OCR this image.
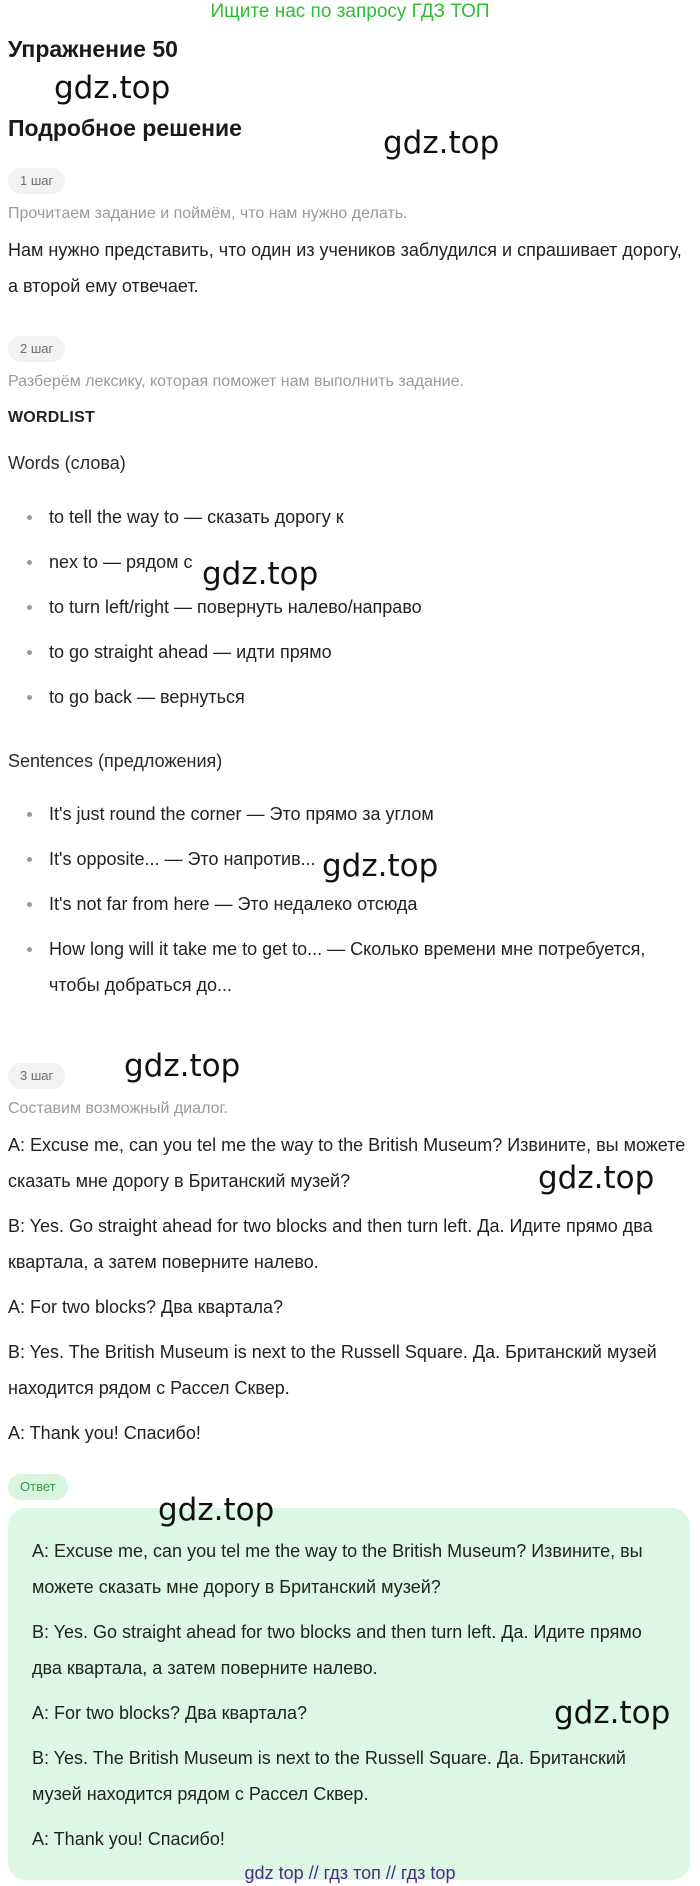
Ищите нас по запросу ГДЗ ТОП
Упражнение 50
gdz.top
Подробное решение	gdz.top
1 шаг
Прочитаем задание и поймём, что нам нужно делать.
Нам нужно представить, что один из учеников заблудился и спрашивает дорогу, а второй ему отвечает.
2 шаг
Разберём лексику, которая поможет нам выполнить задание.
WORDLIST
Words (слова)
to tell the way to — сказать дорогу к
nex to — рядом с
to turn left/right — повернуть налево/направо
to go straight ahead — идти прямо
to go back — вернуться
gdz.top
Sentences (предложения)
It's just round the corner — Это прямо за углом
It's opposite... — Это напротив...
It's not far from here — Это недалеко отсюда
How long will it take me to get to... — Сколько времени мне потребуется, чтобы добраться до...
gdz.top
3 шаг	gdz.top
Составим возможный диалог.
A: Excuse me, can you tel me the way to the British Museum? Извините, вы можете сказать мне дорогу в Британский музей?	gdz.top
B: Yes. Go straight ahead for two blocks and then turn left. Да. Идите прямо два квартала, а затем поверните налево.
A: For two blocks? Два квартала?
B: Yes. The British Museum is next to the Russell Square. Да. Британский музей находится рядом с Рассел Сквер.
A: Thank you! Спасибо!
Ответ
gdz.top
A: Excuse me, can you tel me the way to the British Museum? Извините, вы можете сказать мне дорогу в Британский музей?
B: Yes. Go straight ahead for two blocks and then turn left. Да. Идите прямо два квартала, а затем поверните налево.
A: For two blocks? Два квартала?	gdz.top
B: Yes. The British Museum is next to the Russell Square. Да. Британский музей находится рядом с Рассел Сквер.
A: Thank you! Спасибо!
gdz top // гдз топ // гдз top
